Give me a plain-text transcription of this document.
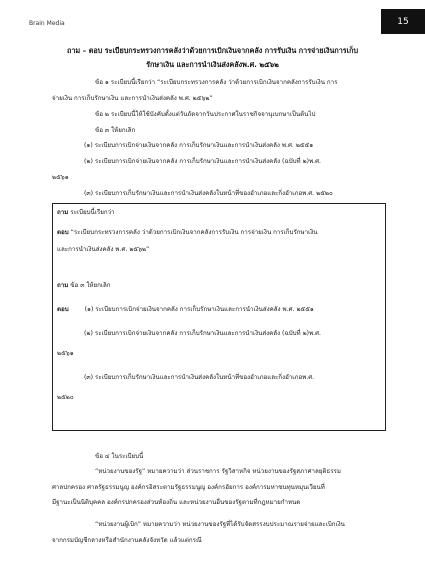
Brain Media	15
ถาม – ตอบ ระเบียบกระทรวงการคลังว่าด้วยการเบิกเงินจากคลัง การรับเงิน การจ่ายเงินการเก็บ
รักษาเงิน และการนำเงินส่งคลังพ.ศ. ๒๕๖๒
ข้อ ๑ ระเบียบนี้เรียกว่า “ระเบียบกระทรวงการคลัง ว่าด้วยการเบิกเงินจากคลังการรับเงิน การ
จ่ายเงิน การเก็บรักษาเงิน และการนำเงินส่งคลัง พ.ศ. ๒๕๖๒”
ข้อ ๒ ระเบียบนี้ให้ใช้บังคับตั้งแต่วันถัดจากวันประกาศในราชกิจจานุเบกษาเป็นต้นไป
ข้อ ๓ ให้ยกเลิก
(๑) ระเบียบการเบิกจ่ายเงินจากคลัง การเก็บรักษาเงินและการนำเงินส่งคลัง พ.ศ. ๒๕๕๑
(๒) ระเบียบการเบิกจ่ายเงินจากคลัง การเก็บรักษาเงินและการนำเงินส่งคลัง (ฉบับที่ ๒)พ.ศ.
๒๕๖๑
(๓) ระเบียบการเก็บรักษาเงินและการนำเงินส่งคลังในหน้าที่ของอำเภอและกิ่งอำเภอพ.ศ. ๒๕๒๐
ถาม ระเบียบนี้เรียกว่า
ตอบ “ระเบียบกระทรวงการคลัง ว่าด้วยการเบิกเงินจากคลังการรับเงิน การจ่ายเงิน การเก็บรักษาเงิน
และการนำเงินส่งคลัง พ.ศ. ๒๕๖๒”
ถาม ข้อ ๓ ให้ยกเลิก
ตอบ	(๑) ระเบียบการเบิกจ่ายเงินจากคลัง การเก็บรักษาเงินและการนำเงินส่งคลัง พ.ศ. ๒๕๕๑
(๒) ระเบียบการเบิกจ่ายเงินจากคลัง การเก็บรักษาเงินและการนำเงินส่งคลัง (ฉบับที่ ๒)พ.ศ.
๒๕๖๑
(๓) ระเบียบการเก็บรักษาเงินและการนำเงินส่งคลังในหน้าที่ของอำเภอและกิ่งอำเภอพ.ศ.
๒๕๒๐
ข้อ ๔ ในระเบียบนี้
“หน่วยงานของรัฐ” หมายความว่า ส่วนราชการ รัฐวิสาหกิจ หน่วยงานของรัฐสภาศาลยุติธรรม
ศาลปกครอง ศาลรัฐธรรมนูญ องค์กรอิสระตามรัฐธรรมนูญ องค์กรอัยการ องค์การมหาชนทุนหมุนเวียนที่
มีฐานะเป็นนิติบุคคล องค์กรปกครองส่วนท้องถิ่น และหน่วยงานอื่นของรัฐตามที่กฎหมายกำหนด
“หน่วยงานผู้เบิก” หมายความว่า หน่วยงานของรัฐที่ได้รับจัดสรรงบประมาณรายจ่ายและเบิกเงิน
จากกรมบัญชีกลางหรือสำนักงานคลังจังหวัด แล้วแต่กรณี
